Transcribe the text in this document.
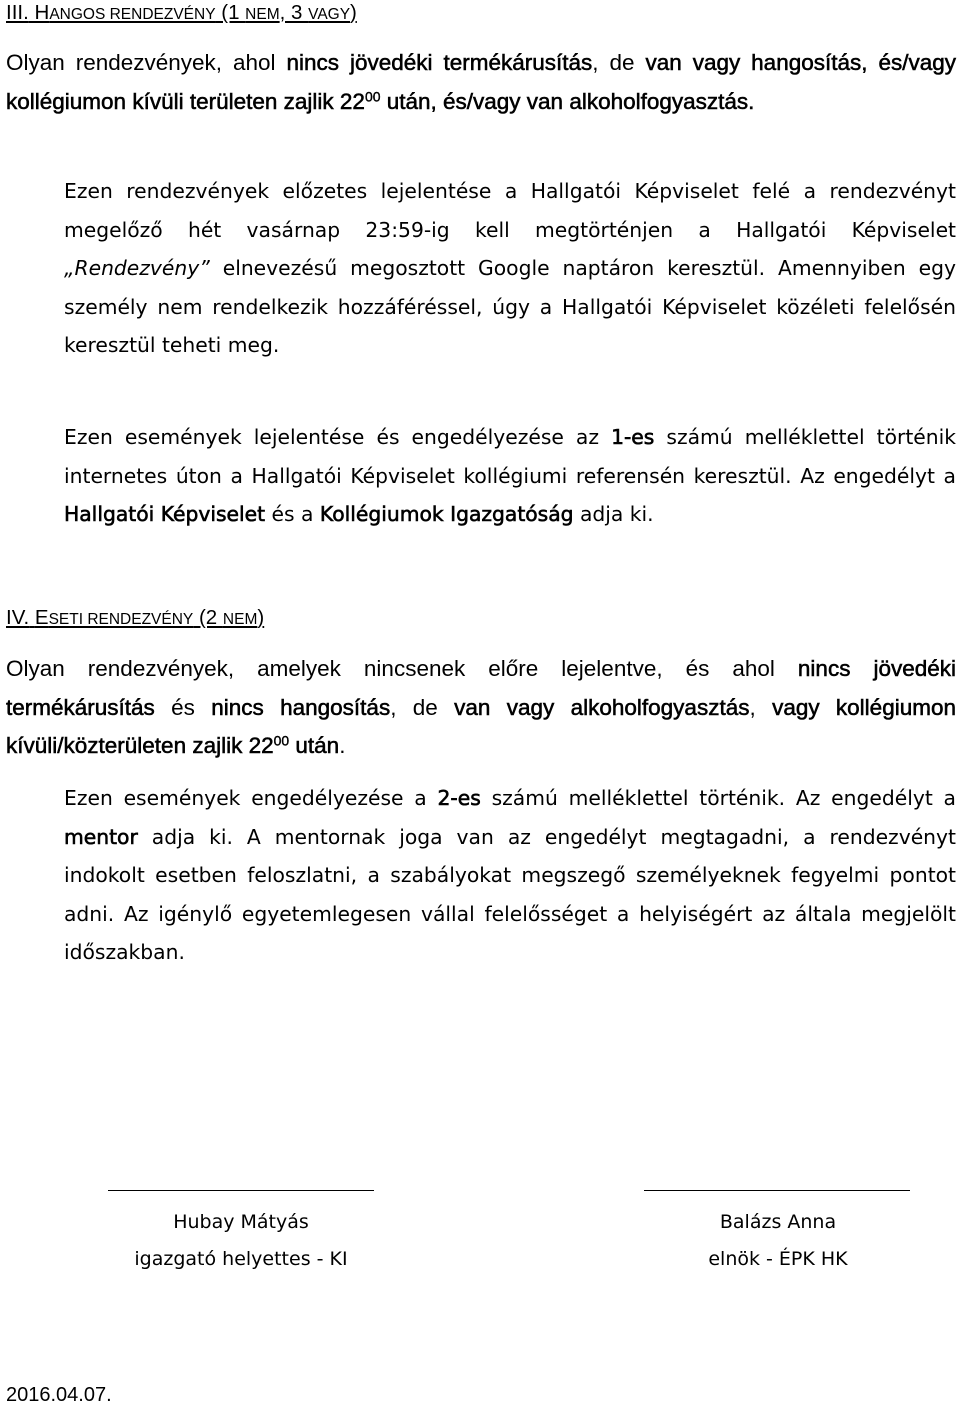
III. HANGOS RENDEZVÉNY (1 NEM, 3 VAGY)
Olyan rendezvények, ahol nincs jövedéki termékárusítás, de van vagy hangosítás, és/vagy kollégiumon kívüli területen zajlik $22^{00}$ után, és/vagy van alkoholfogyasztás.
Ezen rendezvények előzetes lejelentése a Hallgatói Képviselet felé a rendezvényt megelőző hét vasárnap 23:59-ig kell megtörténjen a Hallgatói Képviselet „Rendezvény” elnevezésű megosztott Google naptáron keresztül. Amennyiben egy személy nem rendelkezik hozzáféréssel, úgy a Hallgatói Képviselet közéleti felelősén keresztül teheti meg.
Ezen események lejelentése és engedélyezése az 1-es számú melléklettel történik internetes úton a Hallgatói Képviselet kollégiumi referensén keresztül. Az engedélyt a Hallgatói Képviselet és a Kollégiumok Igazgatóság adja ki.
IV. ESETI RENDEZVÉNY (2 NEM)
Olyan rendezvények, amelyek nincsenek előre lejelentve, és ahol nincs jövedéki termékárusítás és nincs hangosítás, de van vagy alkoholfogyasztás, vagy kollégiumon kívüli/közterületen zajlik $22^{00}$ után.
Ezen események engedélyezése a 2-es számú melléklettel történik. Az engedélyt a mentor adja ki. A mentornak joga van az engedélyt megtagadni, a rendezvényt indokolt esetben feloszlatni, a szabályokat megszegő személyeknek fegyelmi pontot adni. Az igénylő egyetemlegesen vállal felelősséget a helyiségért az általa megjelölt időszakban.
Hubay Mátyás
igazgató helyettes - KI
Balázs Anna
elnök - ÉPK HK
2016.04.07.
